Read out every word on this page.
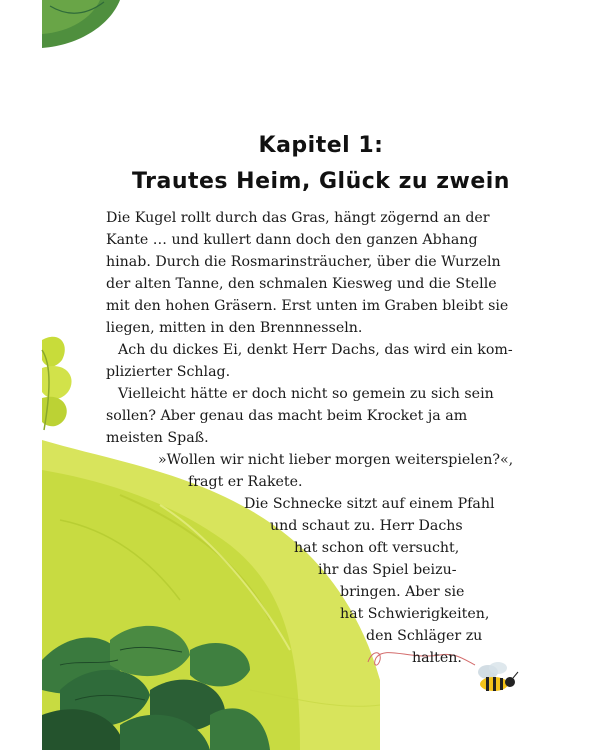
Kapitel 1:
Trautes Heim, Glück zu zwein
Die Kugel rollt durch das Gras, hängt zögernd an der
Kante … und kullert dann doch den ganzen Abhang
hinab. Durch die Rosmarinsträucher, über die Wurzeln
der alten Tanne, den schmalen Kiesweg und die Stelle
mit den hohen Gräsern. Erst unten im Graben bleibt sie
liegen, mitten in den Brennnesseln.
Ach du dickes Ei, denkt Herr Dachs, das wird ein kom-
plizierter Schlag.
Vielleicht hätte er doch nicht so gemein zu sich sein
sollen? Aber genau das macht beim Krocket ja am
meisten Spaß.
»Wollen wir nicht lieber morgen weiterspielen?«,
fragt er Rakete.
Die Schnecke sitzt auf einem Pfahl
und schaut zu. Herr Dachs
hat schon oft versucht,
ihr das Spiel beizu-
bringen. Aber sie
hat Schwierigkeiten,
den Schläger zu
halten.
